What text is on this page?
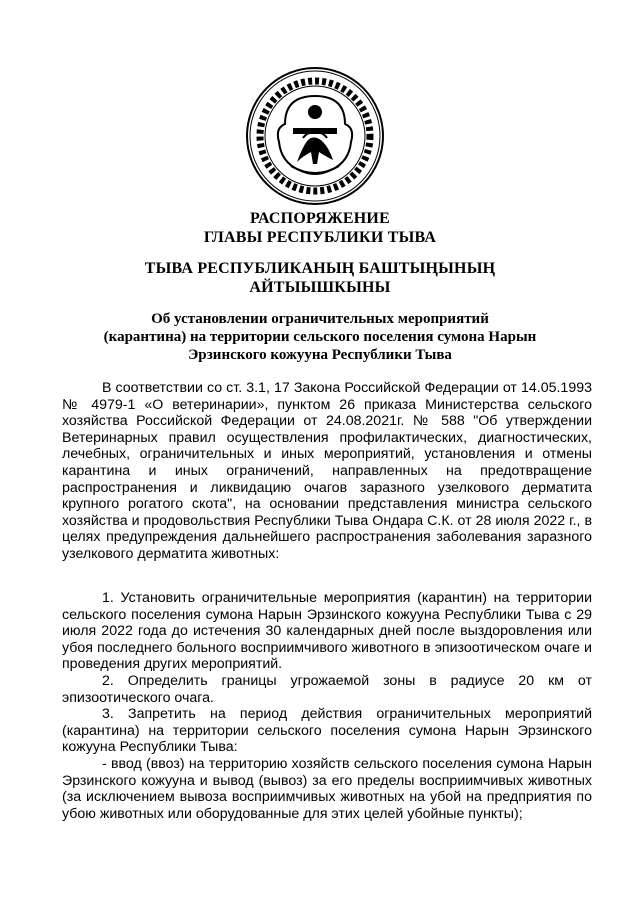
РАСПОРЯЖЕНИЕ
ГЛАВЫ РЕСПУБЛИКИ ТЫВА
ТЫВА РЕСПУБЛИКАНЫҢ БАШТЫҢЫНЫҢ
АЙТЫЫШКЫНЫ
Об установлении ограничительных мероприятий
(карантина) на территории сельского поселения сумона Нарын
Эрзинского кожууна Республики Тыва

В соответствии со ст. 3.1, 17 Закона Российской Федерации от 14.05.1993 № 4979-1 «О ветеринарии», пунктом 26 приказа Министерства сельского хозяйства Российской Федерации от 24.08.2021г. № 588 "Об утверждении Ветеринарных правил осуществления профилактических, диагностических, лечебных, ограничительных и иных мероприятий, установления и отмены карантина и иных ограничений, направленных на предотвращение распространения и ликвидацию очагов заразного узелкового дерматита крупного рогатого скота", на основании представления министра сельского хозяйства и продовольствия Республики Тыва Ондара С.К. от 28 июля 2022 г., в целях предупреждения дальнейшего распространения заболевания заразного узелкового дерматита животных:

1. Установить ограничительные мероприятия (карантин) на территории сельского поселения сумона Нарын Эрзинского кожууна Республики Тыва с 29 июля 2022 года до истечения 30 календарных дней после выздоровления или убоя последнего больного восприимчивого животного в эпизоотическом очаге и проведения других мероприятий.

2. Определить границы угрожаемой зоны в радиусе 20 км от эпизоотического очага.

3. Запретить на период действия ограничительных мероприятий (карантина) на территории сельского поселения сумона Нарын Эрзинского кожууна Республики Тыва:

- ввод (ввоз) на территорию хозяйств сельского поселения сумона Нарын Эрзинского кожууна и вывод (вывоз) за его пределы восприимчивых животных (за исключением вывоза восприимчивых животных на убой на предприятия по убою животных или оборудованные для этих целей убойные пункты);
